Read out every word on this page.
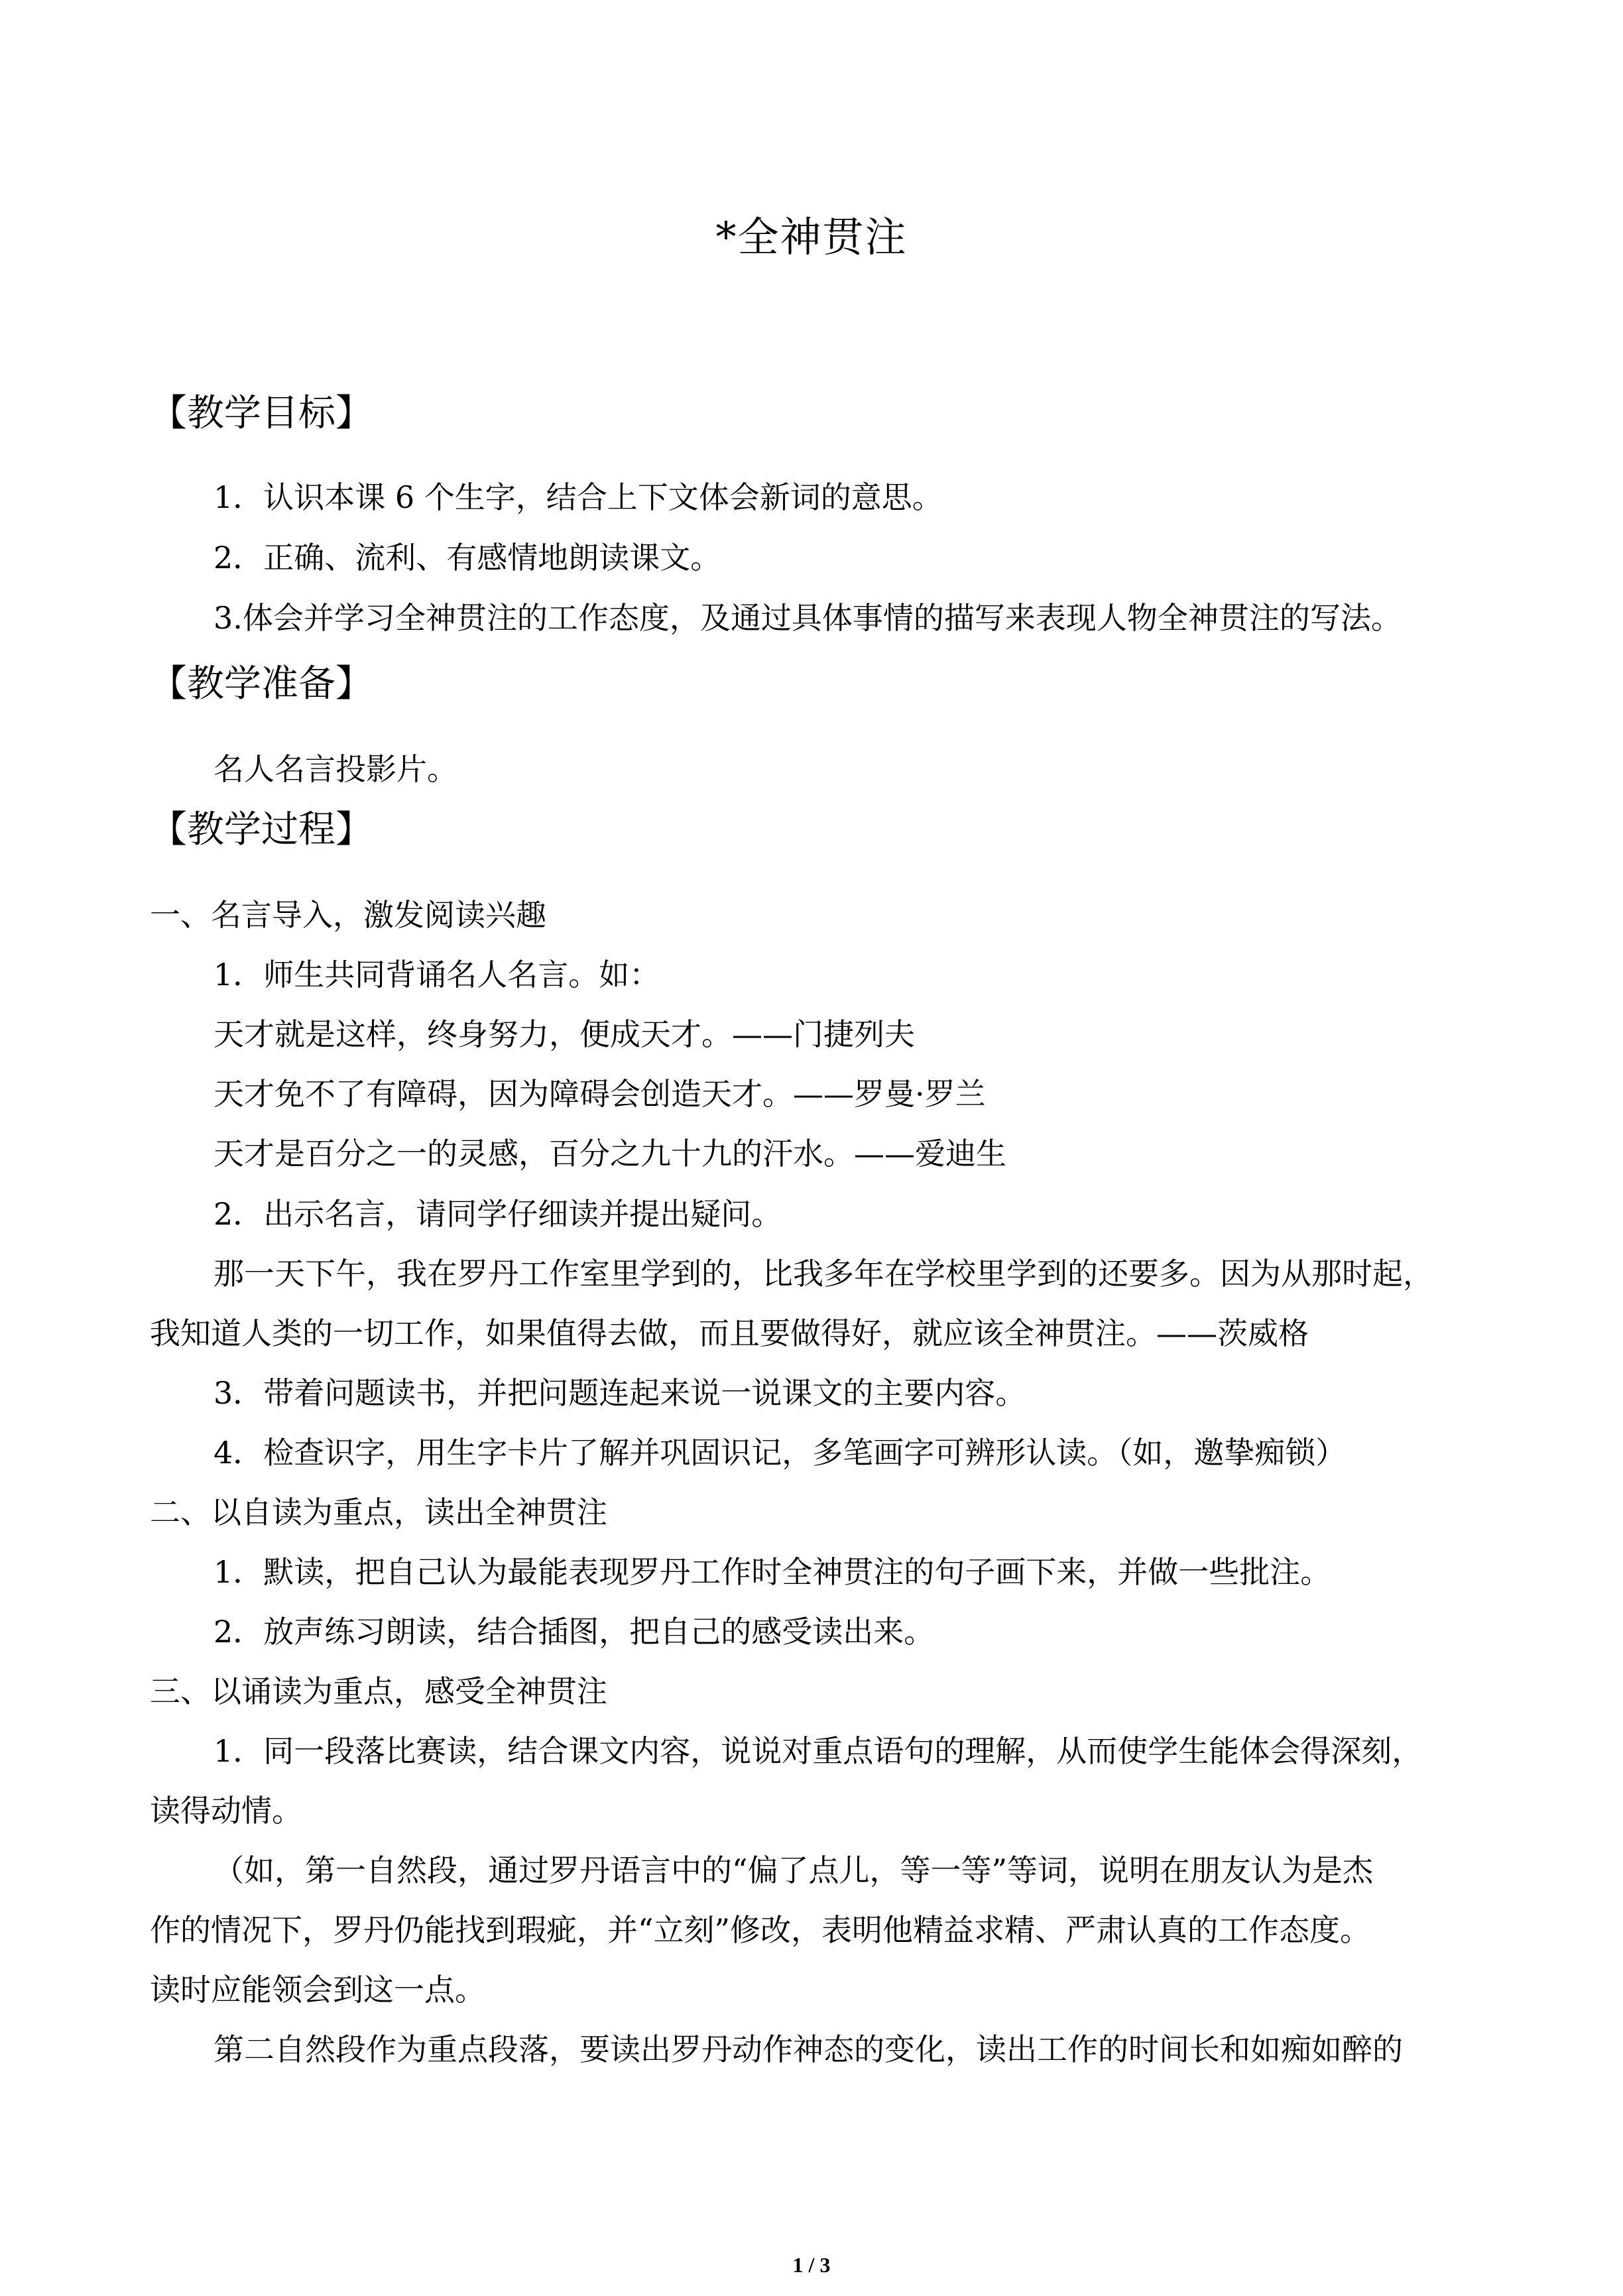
*全神贯注
【教学目标】
1．认识本课 6 个生字，结合上下文体会新词的意思。
2．正确、流利、有感情地朗读课文。
3.体会并学习全神贯注的工作态度，及通过具体事情的描写来表现人物全神贯注的写法。
【教学准备】
名人名言投影片。
【教学过程】
一、名言导入，激发阅读兴趣
1．师生共同背诵名人名言。如：
天才就是这样，终身努力，便成天才。——门捷列夫
天才免不了有障碍，因为障碍会创造天才。——罗曼·罗兰
天才是百分之一的灵感，百分之九十九的汗水。——爱迪生
2．出示名言，请同学仔细读并提出疑问。
那一天下午，我在罗丹工作室里学到的，比我多年在学校里学到的还要多。因为从那时起，
我知道人类的一切工作，如果值得去做，而且要做得好，就应该全神贯注。——茨威格
3．带着问题读书，并把问题连起来说一说课文的主要内容。
4．检查识字，用生字卡片了解并巩固识记，多笔画字可辨形认读。（如，邀挚痴锁）
二、以自读为重点，读出全神贯注
1．默读，把自己认为最能表现罗丹工作时全神贯注的句子画下来，并做一些批注。
2．放声练习朗读，结合插图，把自己的感受读出来。
三、以诵读为重点，感受全神贯注
1．同一段落比赛读，结合课文内容，说说对重点语句的理解，从而使学生能体会得深刻，
读得动情。
（如，第一自然段，通过罗丹语言中的“偏了点儿，等一等”等词，说明在朋友认为是杰
作的情况下，罗丹仍能找到瑕疵，并“立刻”修改，表明他精益求精、严肃认真的工作态度。
读时应能领会到这一点。
第二自然段作为重点段落，要读出罗丹动作神态的变化，读出工作的时间长和如痴如醉的
1 / 3
